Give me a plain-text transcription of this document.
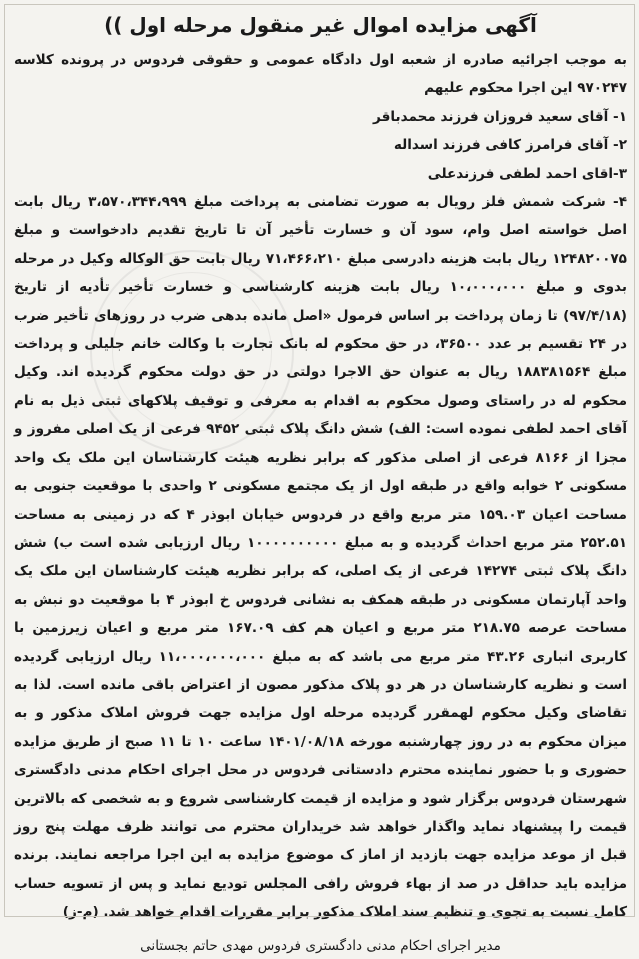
آگهی مزایده اموال غیر منقول مرحله اول ))

به موجب اجرائیه صادره از شعبه اول دادگاه عمومی و حقوقی فردوس در پرونده کلاسه ۹۷۰۲۴۷ این اجرا محکوم علیهم

۱- آقای سعید فروزان فرزند محمدباقر

۲- آقای فرامرز کافی فرزند اسداله

۳-اقای احمد لطفی فرزندعلی

۴- شرکت شمش فلز رویال به صورت تضامنی به پرداخت مبلغ ۳،۵۷۰،۳۴۴،۹۹۹ ریال بابت اصل خواسته اصل وام، سود آن و خسارت تأخیر آن تا تاریخ تقدیم دادخواست و مبلغ ۱۲۴۸۲۰۰۷۵ ریال بابت هزینه دادرسی مبلغ ۷۱،۴۶۶،۲۱۰ ریال بابت حق الوکاله وکیل در مرحله بدوی و مبلغ ۱۰،۰۰۰،۰۰۰ ریال بابت هزینه کارشناسی و خسارت تأخیر تأدیه از تاریخ (۹۷/۴/۱۸) تا زمان پرداخت بر اساس فرمول «اصل مانده بدهی ضرب در روزهای تأخیر ضرب در ۲۴ تقسیم بر عدد ۳۶۵۰۰، در حق محکوم له بانک تجارت با وکالت خانم جلیلی و پرداخت مبلغ ۱۸۸۳۸۱۵۶۴ ریال به عنوان حق الاجرا دولتی در حق دولت محکوم گردیده اند. وکیل محکوم له در راستای وصول محکوم به اقدام به معرفی و توقیف پلاکهای ثبتی ذیل به نام آقای احمد لطفی نموده است: الف) شش دانگ پلاک ثبتی ۹۴۵۲ فرعی از یک اصلی مفروز و مجزا از ۸۱۶۶ فرعی از اصلی مذکور که برابر نظریه هیئت کارشناسان این ملک یک واحد مسکونی ۲ خوابه واقع در طبقه اول از یک مجتمع مسکونی ۲ واحدی با موقعیت جنوبی به مساحت اعیان ۱۵۹.۰۳ متر مربع واقع در فردوس خیابان ابوذر ۴ که در زمینی به مساحت ۲۵۲.۵۱ متر مربع احداث گردیده و به مبلغ ۱۰۰۰۰۰۰۰۰۰۰ ریال ارزیابی شده است ب) شش دانگ پلاک ثبتی ۱۴۲۷۴ فرعی از یک اصلی، که برابر نظریه هیئت کارشناسان این ملک یک واحد آپارتمان مسکونی در طبقه همکف به نشانی فردوس خ ابوذر ۴ با موقعیت دو نبش به مساحت عرصه ۲۱۸.۷۵ متر مربع و اعیان هم کف ۱۶۷.۰۹ متر مربع و اعیان زیرزمین با کاربری انباری ۴۳.۲۶ متر مربع می باشد که به مبلغ ۱۱،۰۰۰،۰۰۰،۰۰۰ ریال ارزیابی گردیده است و نظریه کارشناسان در هر دو پلاک مذکور مصون از اعتراض باقی مانده است. لذا به تقاضای وکیل محکوم لهمقرر گردیده مرحله اول مزایده جهت فروش املاک مذکور و به میزان محکوم به در روز چهارشنبه مورخه ۱۴۰۱/۰۸/۱۸ ساعت ۱۰ تا ۱۱ صبح از طریق مزایده حضوری و با حضور نماینده محترم دادستانی فردوس در محل اجرای احکام مدنی دادگستری شهرستان فردوس برگزار شود و مزایده از قیمت کارشناسی شروع و به شخصی که بالاترین قیمت را پیشنهاد نماید واگذار خواهد شد خریداران محترم می توانند ظرف مهلت پنج روز قبل از موعد مزایده جهت بازدید از اماز ک موضوع مزایده به این اجرا مراجعه نمایند. برنده مزایده باید حداقل در صد از بهاء فروش رافی المجلس تودیع نماید و پس از تسویه حساب کامل نسبت به تجوی و تنظیم سند املاک مذکور برابر مقررات اقدام خواهد شد. (م-ز)

مدیر اجرای احکام مدنی دادگستری فردوس مهدی حاتم بجستانی
